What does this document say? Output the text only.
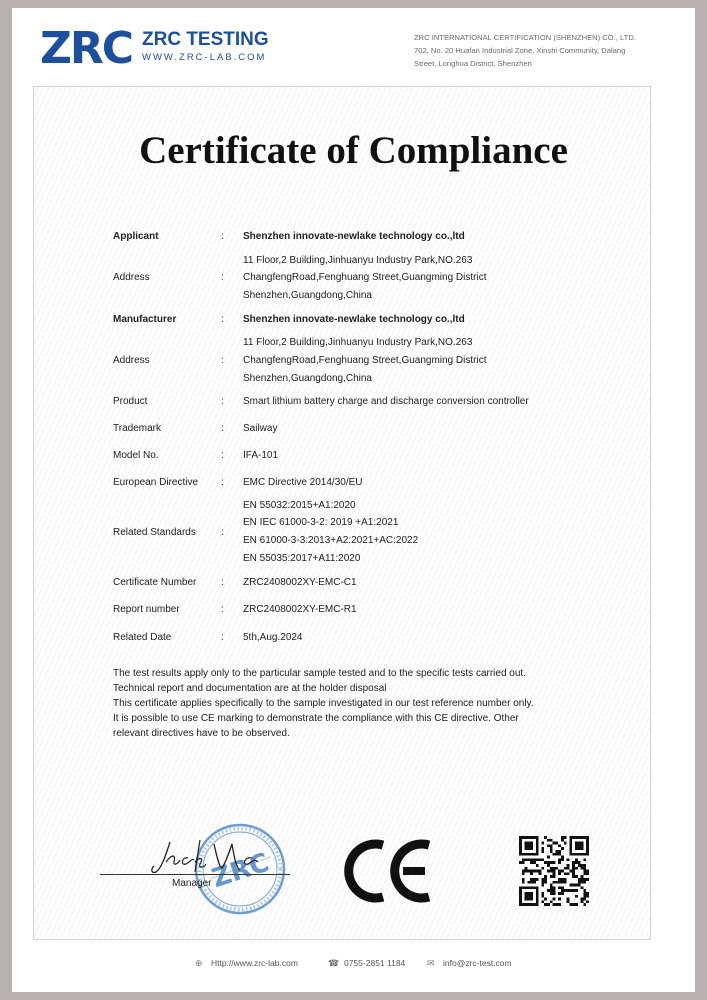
ZRC ZRC TESTING
WWW.ZRC-LAB.COM
ZRC INTERNATIONAL CERTIFICATION (SHENZHEN) CO., LTD.
702, No. 20 Huafan Industrial Zone, Xinshi Community, Dalang
Street, Longhua District, Shenzhen
Certificate of Compliance
Applicant	: Shenzhen innovate-newlake technology co.,ltd
Address	:
11 Floor,2 Building,Jinhuanyu Industry Park,NO.263
ChangfengRoad,Fenghuang Street,Guangming District
Shenzhen,Guangdong,China
Manufacturer	: Shenzhen innovate-newlake technology co.,ltd
Address	:
11 Floor,2 Building,Jinhuanyu Industry Park,NO.263
ChangfengRoad,Fenghuang Street,Guangming District
Shenzhen,Guangdong,China
Product	: Smart lithium battery charge and discharge conversion controller
Trademark	: Sailway
Model No.	: IFA-101
European Directive : EMC Directive 2014/30/EU
Related Standards	:
EN 55032:2015+A1:2020
EN IEC 61000-3-2: 2019 +A1:2021
EN 61000-3-3:2013+A2:2021+AC:2022
EN 55035:2017+A11:2020
Certificate Number : ZRC2408002XY-EMC-C1
Report number	: ZRC2408002XY-EMC-R1
Related Date	: 5th,Aug.2024
The test results apply only to the particular sample tested and to the specific tests carried out.
Technical report and documentation are at the holder disposal
This certificate applies specifically to the sample investigated in our test reference number only.
It is possible to use CE marking to demonstrate the compliance with this CE directive. Other
relevant directives have to be observed.
ZRC
Manager
⊕ Http://www.zrc-lab.com	☎ 0755-2851 1184 ✉ info@zrc-test.com
